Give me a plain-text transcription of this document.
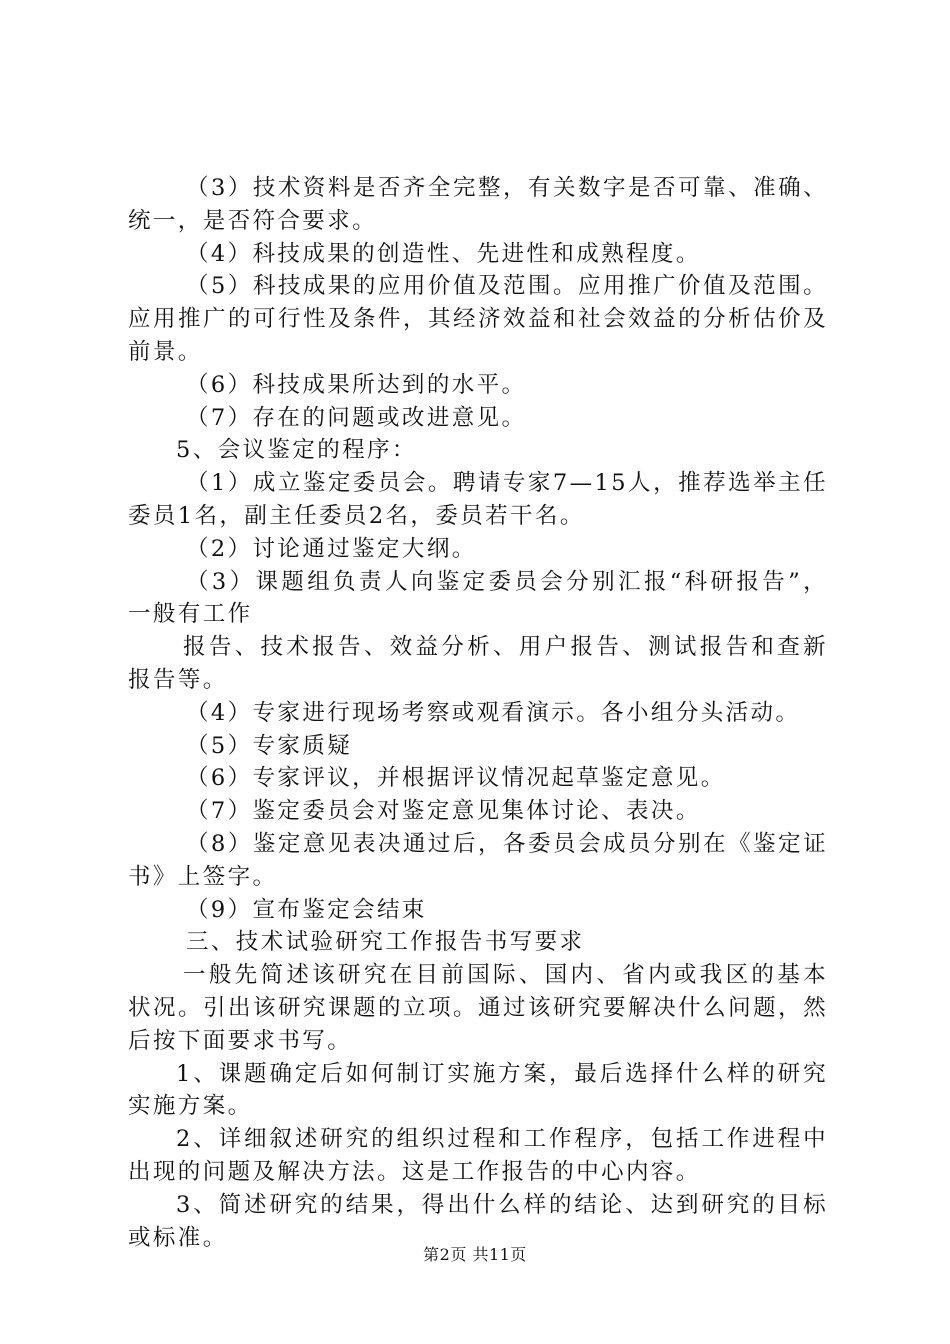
（3）技术资料是否齐全完整，有关数字是否可靠、准确、统一，是否符合要求。

（4）科技成果的创造性、先进性和成熟程度。

（5）科技成果的应用价值及范围。应用推广价值及范围。应用推广的可行性及条件，其经济效益和社会效益的分析估价及前景。

（6）科技成果所达到的水平。

（7）存在的问题或改进意见。

5、会议鉴定的程序：

（1）成立鉴定委员会。聘请专家7—15人，推荐选举主任委员1名，副主任委员2名，委员若干名。

（2）讨论通过鉴定大纲。

（3）课题组负责人向鉴定委员会分别汇报“科研报告”，一般有工作

报告、技术报告、效益分析、用户报告、测试报告和查新报告等。

（4）专家进行现场考察或观看演示。各小组分头活动。

（5）专家质疑

（6）专家评议，并根据评议情况起草鉴定意见。

（7）鉴定委员会对鉴定意见集体讨论、表决。

（8）鉴定意见表决通过后，各委员会成员分别在《鉴定证书》上签字。

（9）宣布鉴定会结束

三、技术试验研究工作报告书写要求

一般先简述该研究在目前国际、国内、省内或我区的基本状况。引出该研究课题的立项。通过该研究要解决什么问题，然后按下面要求书写。

1、课题确定后如何制订实施方案，最后选择什么样的研究实施方案。

2、详细叙述研究的组织过程和工作程序，包括工作进程中出现的问题及解决方法。这是工作报告的中心内容。

3、简述研究的结果，得出什么样的结论、达到研究的目标或标准。

第2页 共11页
